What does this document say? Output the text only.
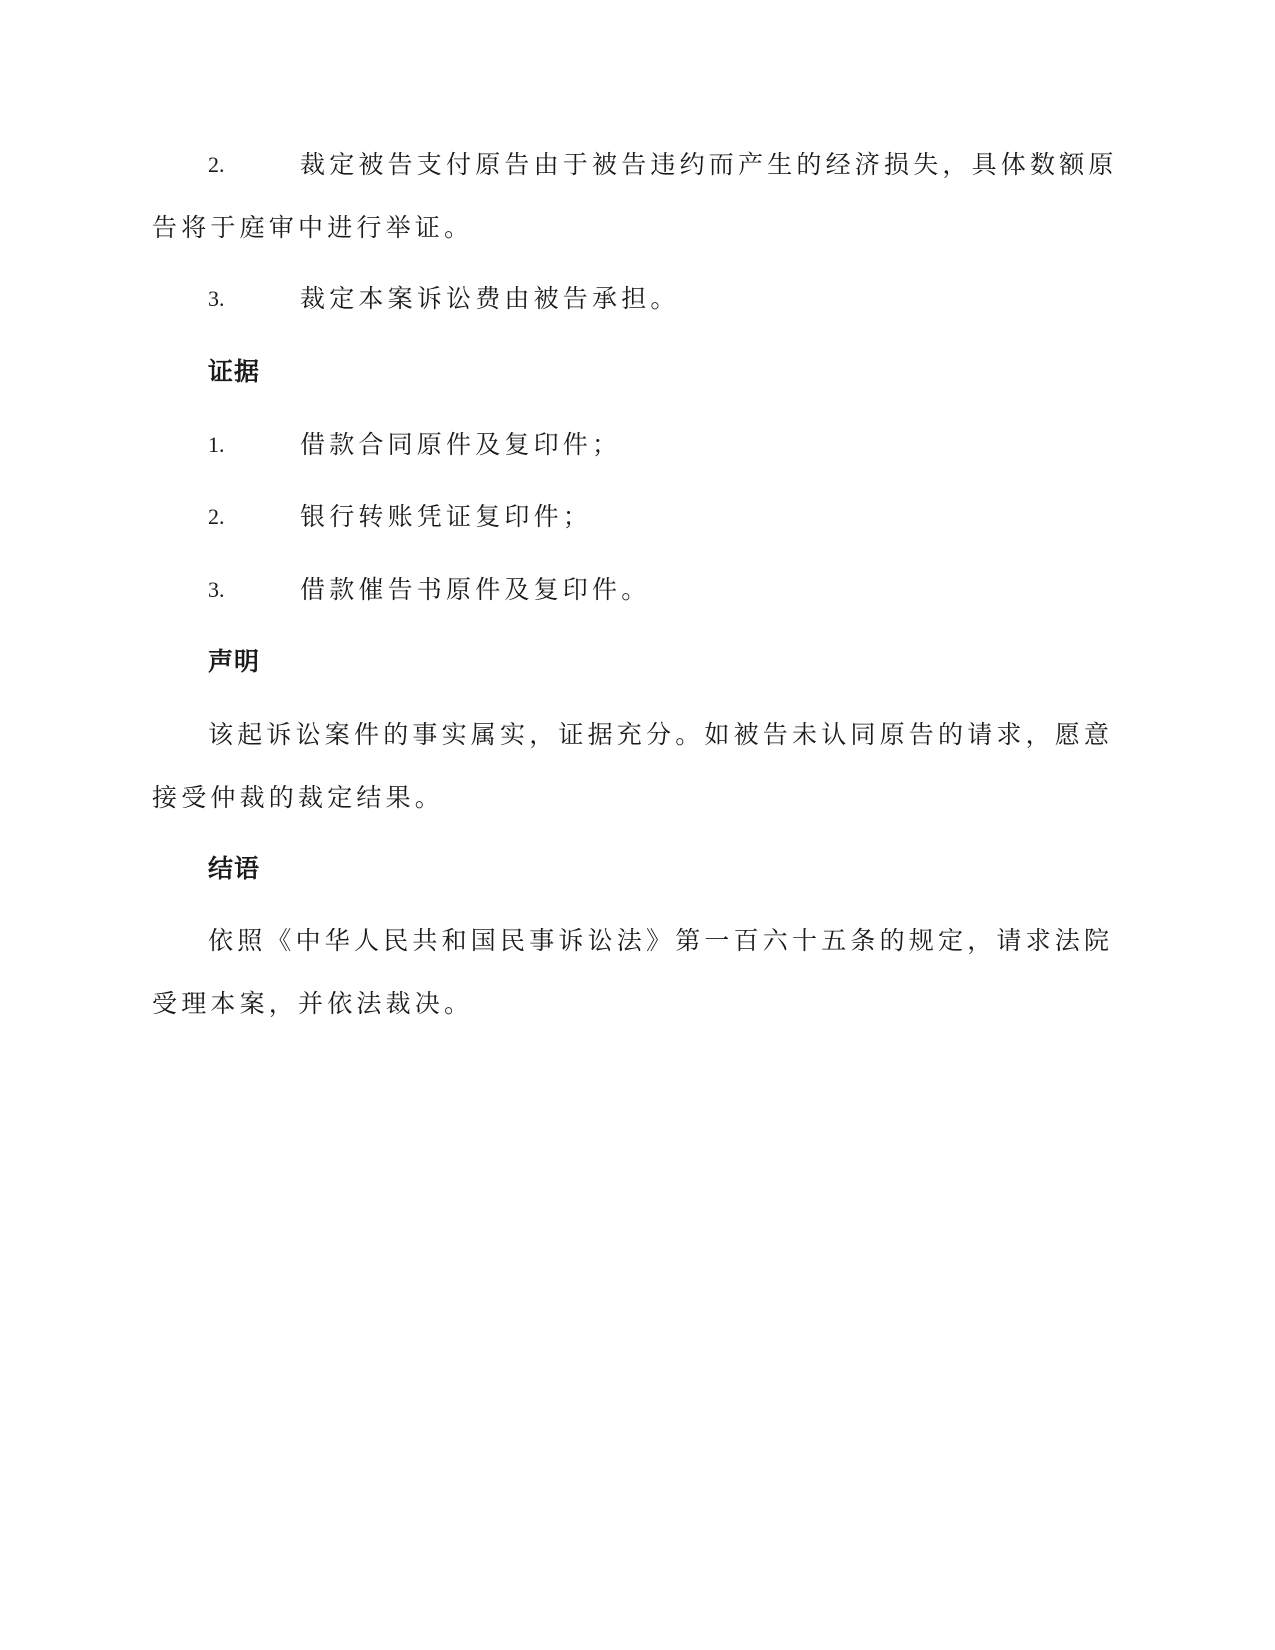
2.	裁定被告支付原告由于被告违约而产生的经济损失，具体数额原
告将于庭审中进行举证。
3.	裁定本案诉讼费由被告承担。
证据
1.	借款合同原件及复印件；
2.	银行转账凭证复印件；
3.	借款催告书原件及复印件。
声明
该起诉讼案件的事实属实，证据充分。如被告未认同原告的请求，愿意
接受仲裁的裁定结果。
结语
依照《中华人民共和国民事诉讼法》第一百六十五条的规定，请求法院
受理本案，并依法裁决。
